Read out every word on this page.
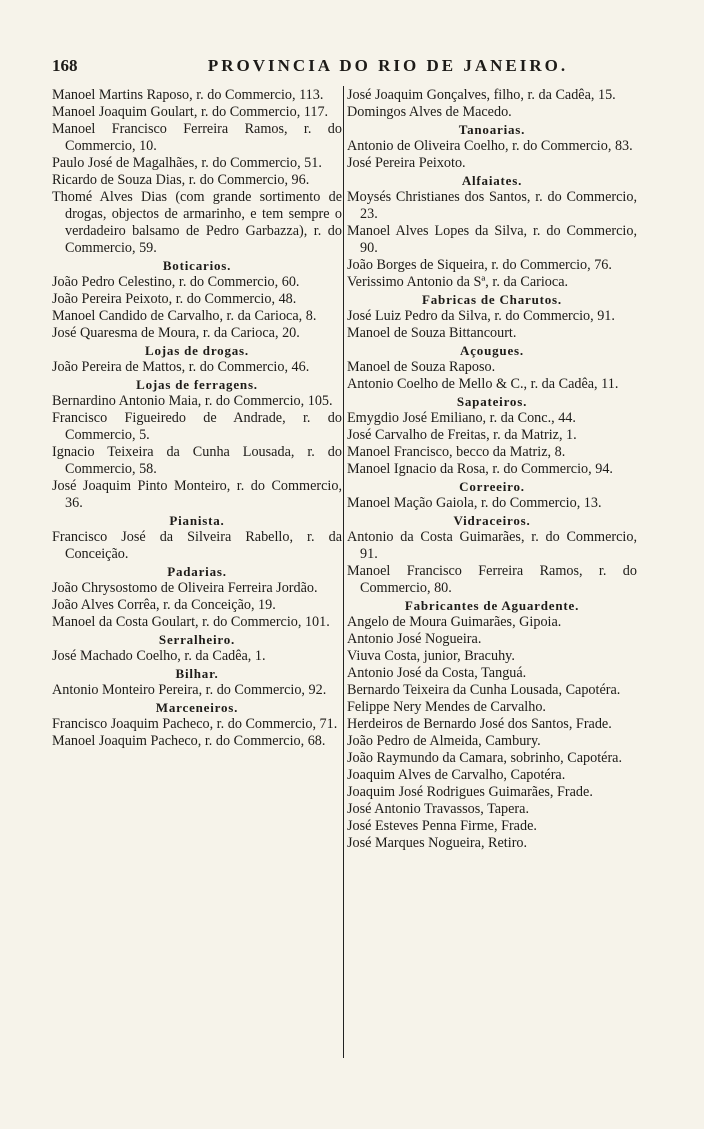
168	PROVINCIA DO RIO DE JANEIRO.

Manoel Martins Raposo, r. do Commercio, 113.

Manoel Joaquim Goulart, r. do Commercio, 117.

Manoel Francisco Ferreira Ramos, r. do Commercio, 10.

Paulo José de Magalhães, r. do Commercio, 51.

Ricardo de Souza Dias, r. do Commercio, 96.

Thomé Alves Dias (com grande sortimento de drogas, objectos de armarinho, e tem sempre o verdadeiro balsamo de Pedro Garbazza), r. do Commercio, 59.

Boticarios.

João Pedro Celestino, r. do Commercio, 60.

João Pereira Peixoto, r. do Commercio, 48.

Manoel Candido de Carvalho, r. da Carioca, 8.

José Quaresma de Moura, r. da Carioca, 20.

Lojas de drogas.

João Pereira de Mattos, r. do Commercio, 46.

Lojas de ferragens.

Bernardino Antonio Maia, r. do Commercio, 105.

Francisco Figueiredo de Andrade, r. do Commercio, 5.

Ignacio Teixeira da Cunha Lousada, r. do Commercio, 58.

José Joaquim Pinto Monteiro, r. do Commercio, 36.

Pianista.

Francisco José da Silveira Rabello, r. da Conceição.

Padarias.

João Chrysostomo de Oliveira Ferreira Jordão.

João Alves Corrêa, r. da Conceição, 19.

Manoel da Costa Goulart, r. do Commercio, 101.

Serralheiro.

José Machado Coelho, r. da Cadêa, 1.

Bilhar.

Antonio Monteiro Pereira, r. do Commercio, 92.

Marceneiros.

Francisco Joaquim Pacheco, r. do Commercio, 71.

Manoel Joaquim Pacheco, r. do Commercio, 68.

José Joaquim Gonçalves, filho, r. da Cadêa, 15.

Domingos Alves de Macedo.

Tanoarias.

Antonio de Oliveira Coelho, r. do Commercio, 83.

José Pereira Peixoto.

Alfaiates.

Moysés Christianes dos Santos, r. do Commercio, 23.

Manoel Alves Lopes da Silva, r. do Commercio, 90.

João Borges de Siqueira, r. do Commercio, 76.

Verissimo Antonio da Sª, r. da Carioca.

Fabricas de Charutos.

José Luiz Pedro da Silva, r. do Commercio, 91.

Manoel de Souza Bittancourt.

Açougues.

Manoel de Souza Raposo.

Antonio Coelho de Mello & C., r. da Cadêa, 11.

Sapateiros.

Emygdio José Emiliano, r. da Conc., 44.

José Carvalho de Freitas, r. da Matriz, 1.

Manoel Francisco, becco da Matriz, 8.

Manoel Ignacio da Rosa, r. do Commercio, 94.

Correeiro.

Manoel Mação Gaiola, r. do Commercio, 13.

Vidraceiros.

Antonio da Costa Guimarães, r. do Commercio, 91.

Manoel Francisco Ferreira Ramos, r. do Commercio, 80.

Fabricantes de Aguardente.

Angelo de Moura Guimarães, Gipoia.

Antonio José Nogueira.

Viuva Costa, junior, Bracuhy.

Antonio José da Costa, Tanguá.

Bernardo Teixeira da Cunha Lousada, Capotéra.

Felippe Nery Mendes de Carvalho.

Herdeiros de Bernardo José dos Santos, Frade.

João Pedro de Almeida, Cambury.

João Raymundo da Camara, sobrinho, Capotéra.

Joaquim Alves de Carvalho, Capotéra.

Joaquim José Rodrigues Guimarães, Frade.

José Antonio Travassos, Tapera.

José Esteves Penna Firme, Frade.

José Marques Nogueira, Retiro.
